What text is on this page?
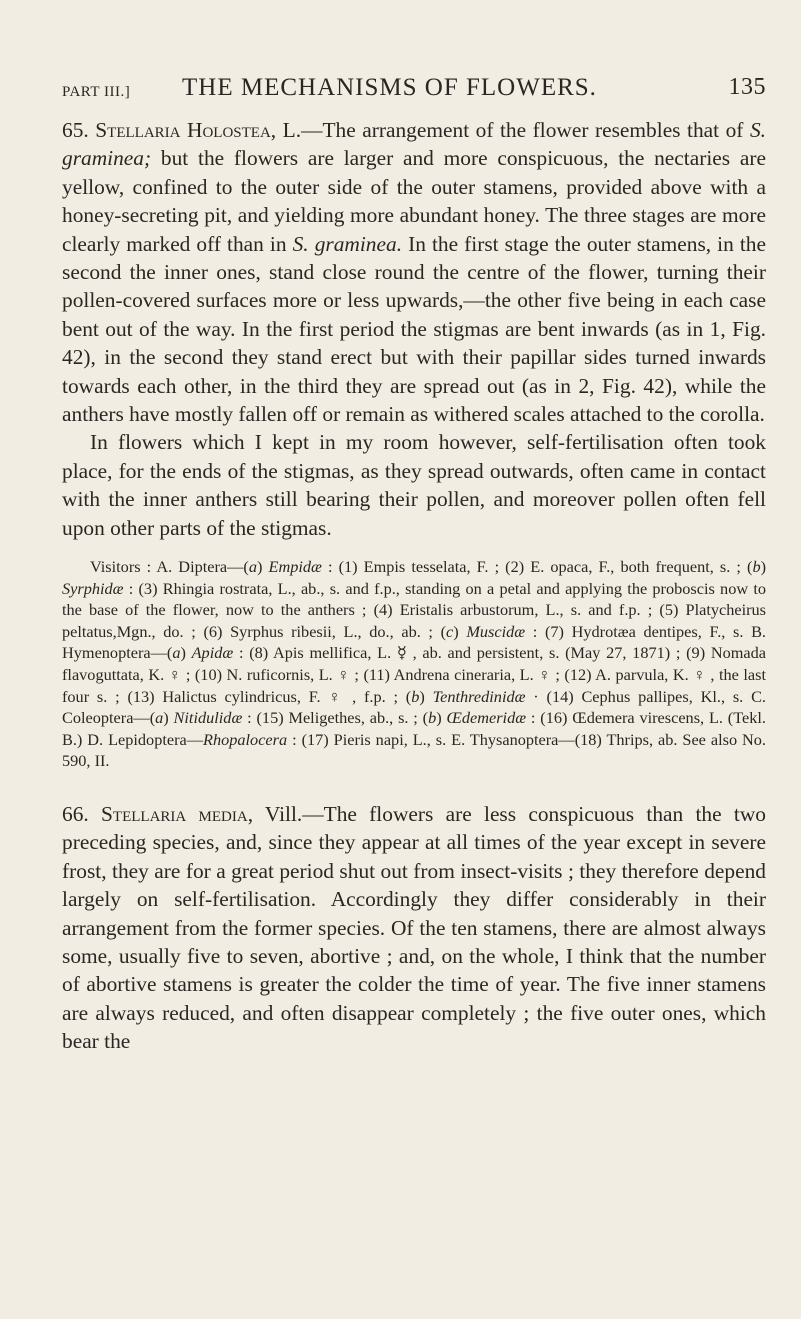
PART III.] THE MECHANISMS OF FLOWERS.	135

65. Stellaria Holostea, L.—The arrangement of the flower resembles that of S. graminea; but the flowers are larger and more conspicuous, the nectaries are yellow, confined to the outer side of the outer stamens, provided above with a honey-secreting pit, and yielding more abundant honey. The three stages are more clearly marked off than in S. graminea. In the first stage the outer stamens, in the second the inner ones, stand close round the centre of the flower, turning their pollen-covered surfaces more or less upwards,—the other five being in each case bent out of the way. In the first period the stigmas are bent inwards (as in 1, Fig. 42), in the second they stand erect but with their papillar sides turned inwards towards each other, in the third they are spread out (as in 2, Fig. 42), while the anthers have mostly fallen off or remain as withered scales attached to the corolla.

In flowers which I kept in my room however, self-fertilisation often took place, for the ends of the stigmas, as they spread outwards, often came in contact with the inner anthers still bearing their pollen, and moreover pollen often fell upon other parts of the stigmas.

Visitors : A. Diptera—(a) Empidæ : (1) Empis tesselata, F. ; (2) E. opaca, F., both frequent, s. ; (b) Syrphidæ : (3) Rhingia rostrata, L., ab., s. and f.p., standing on a petal and applying the proboscis now to the base of the flower, now to the anthers ; (4) Eristalis arbustorum, L., s. and f.p. ; (5) Platycheirus peltatus,Mgn., do. ; (6) Syrphus ribesii, L., do., ab. ; (c) Muscidæ : (7) Hydrotæa dentipes, F., s. B. Hymenoptera—(a) Apidæ : (8) Apis mellifica, L. ☿ , ab. and persistent, s. (May 27, 1871) ; (9) Nomada flavoguttata, K. ♀ ; (10) N. ruficornis, L. ♀ ; (11) Andrena cineraria, L. ♀ ; (12) A. parvula, K. ♀ , the last four s. ; (13) Halictus cylindricus, F. ♀ , f.p. ; (b) Tenthredinidæ · (14) Cephus pallipes, Kl., s. C. Coleoptera—(a) Nitidulidæ : (15) Meligethes, ab., s. ; (b) Œdemeridæ : (16) Œdemera virescens, L. (Tekl. B.) D. Lepidoptera—Rhopalocera : (17) Pieris napi, L., s. E. Thysanoptera—(18) Thrips, ab. See also No. 590, II.

66. Stellaria media, Vill.—The flowers are less conspicuous than the two preceding species, and, since they appear at all times of the year except in severe frost, they are for a great period shut out from insect-visits ; they therefore depend largely on self-fertilisation. Accordingly they differ considerably in their arrangement from the former species. Of the ten stamens, there are almost always some, usually five to seven, abortive ; and, on the whole, I think that the number of abortive stamens is greater the colder the time of year. The five inner stamens are always reduced, and often disappear completely ; the five outer ones, which bear the
